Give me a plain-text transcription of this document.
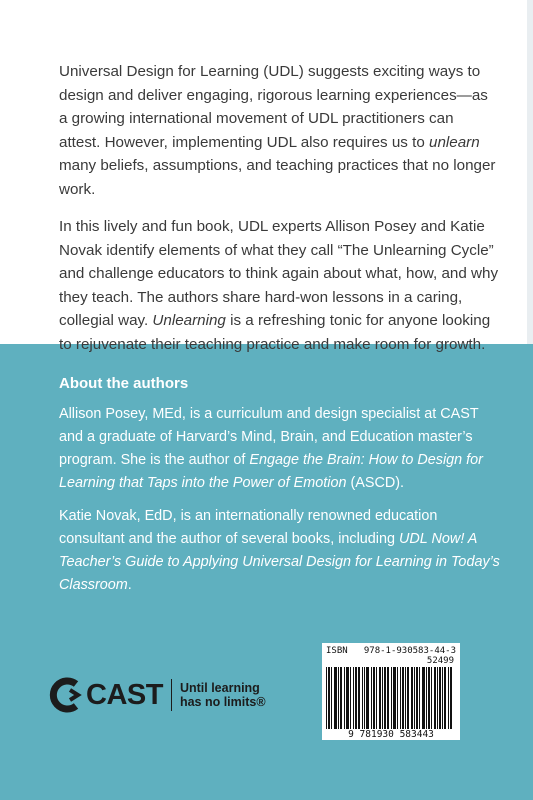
Universal Design for Learning (UDL) suggests exciting ways to design and deliver engaging, rigorous learning experiences—as a growing international movement of UDL practitioners can attest. However, implementing UDL also requires us to unlearn many beliefs, assumptions, and teaching practices that no longer work.

In this lively and fun book, UDL experts Allison Posey and Katie Novak identify elements of what they call “The Unlearning Cycle” and challenge educators to think again about what, how, and why they teach. The authors share hard-won lessons in a caring, collegial way. Unlearning is a refreshing tonic for anyone looking to rejuvenate their teaching practice and make room for growth.

About the authors

Allison Posey, MEd, is a curriculum and design specialist at CAST and a graduate of Harvard’s Mind, Brain, and Education master’s program. She is the author of Engage the Brain: How to Design for Learning that Taps into the Power of Emotion (ASCD).

Katie Novak, EdD, is an internationally renowned education consultant and the author of several books, including UDL Now! A Teacher’s Guide to Applying Universal Design for Learning in Today’s Classroom.

CAST Until learning
has no limits®
ISBN 978-1-930583-44-3
52499
9 781930 583443
